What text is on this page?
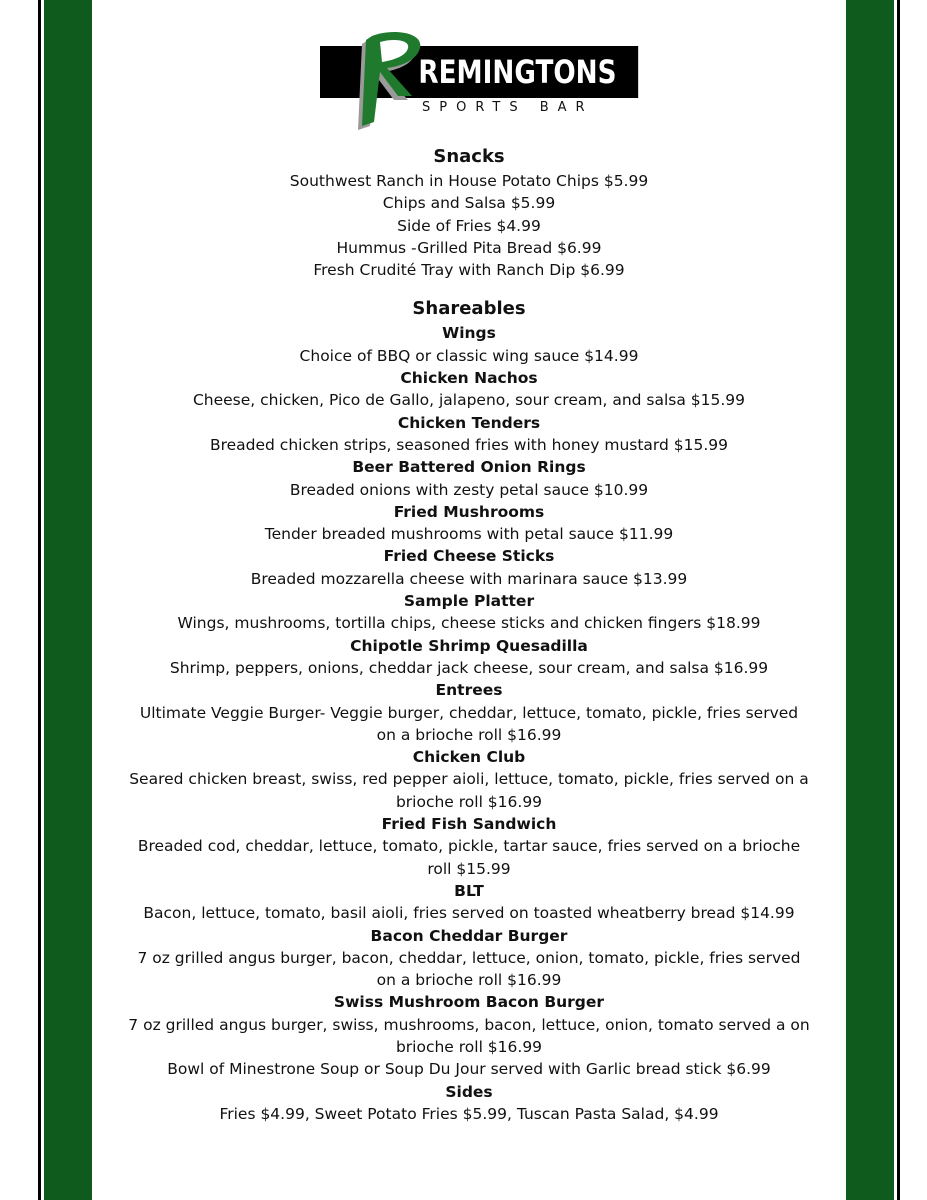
REMINGTONS
SPORTS BAR

Snacks

Southwest Ranch in House Potato Chips $5.99

Chips and Salsa $5.99

Side of Fries $4.99

Hummus -Grilled Pita Bread $6.99

Fresh Crudité Tray with Ranch Dip $6.99

Shareables

Wings

Choice of BBQ or classic wing sauce $14.99

Chicken Nachos

Cheese, chicken, Pico de Gallo, jalapeno, sour cream, and salsa $15.99

Chicken Tenders

Breaded chicken strips, seasoned fries with honey mustard $15.99

Beer Battered Onion Rings

Breaded onions with zesty petal sauce $10.99

Fried Mushrooms

Tender breaded mushrooms with petal sauce $11.99

Fried Cheese Sticks

Breaded mozzarella cheese with marinara sauce $13.99

Sample Platter

Wings, mushrooms, tortilla chips, cheese sticks and chicken fingers $18.99

Chipotle Shrimp Quesadilla

Shrimp, peppers, onions, cheddar jack cheese, sour cream, and salsa $16.99

Entrees

Ultimate Veggie Burger- Veggie burger, cheddar, lettuce, tomato, pickle, fries served

on a brioche roll $16.99

Chicken Club

Seared chicken breast, swiss, red pepper aioli, lettuce, tomato, pickle, fries served on a

brioche roll $16.99

Fried Fish Sandwich

Breaded cod, cheddar, lettuce, tomato, pickle, tartar sauce, fries served on a brioche

roll $15.99

BLT

Bacon, lettuce, tomato, basil aioli, fries served on toasted wheatberry bread $14.99

Bacon Cheddar Burger

7 oz grilled angus burger, bacon, cheddar, lettuce, onion, tomato, pickle, fries served

on a brioche roll $16.99

Swiss Mushroom Bacon Burger

7 oz grilled angus burger, swiss, mushrooms, bacon, lettuce, onion, tomato served a on

brioche roll $16.99

Bowl of Minestrone Soup or Soup Du Jour served with Garlic bread stick $6.99

Sides

Fries $4.99, Sweet Potato Fries $5.99, Tuscan Pasta Salad, $4.99
